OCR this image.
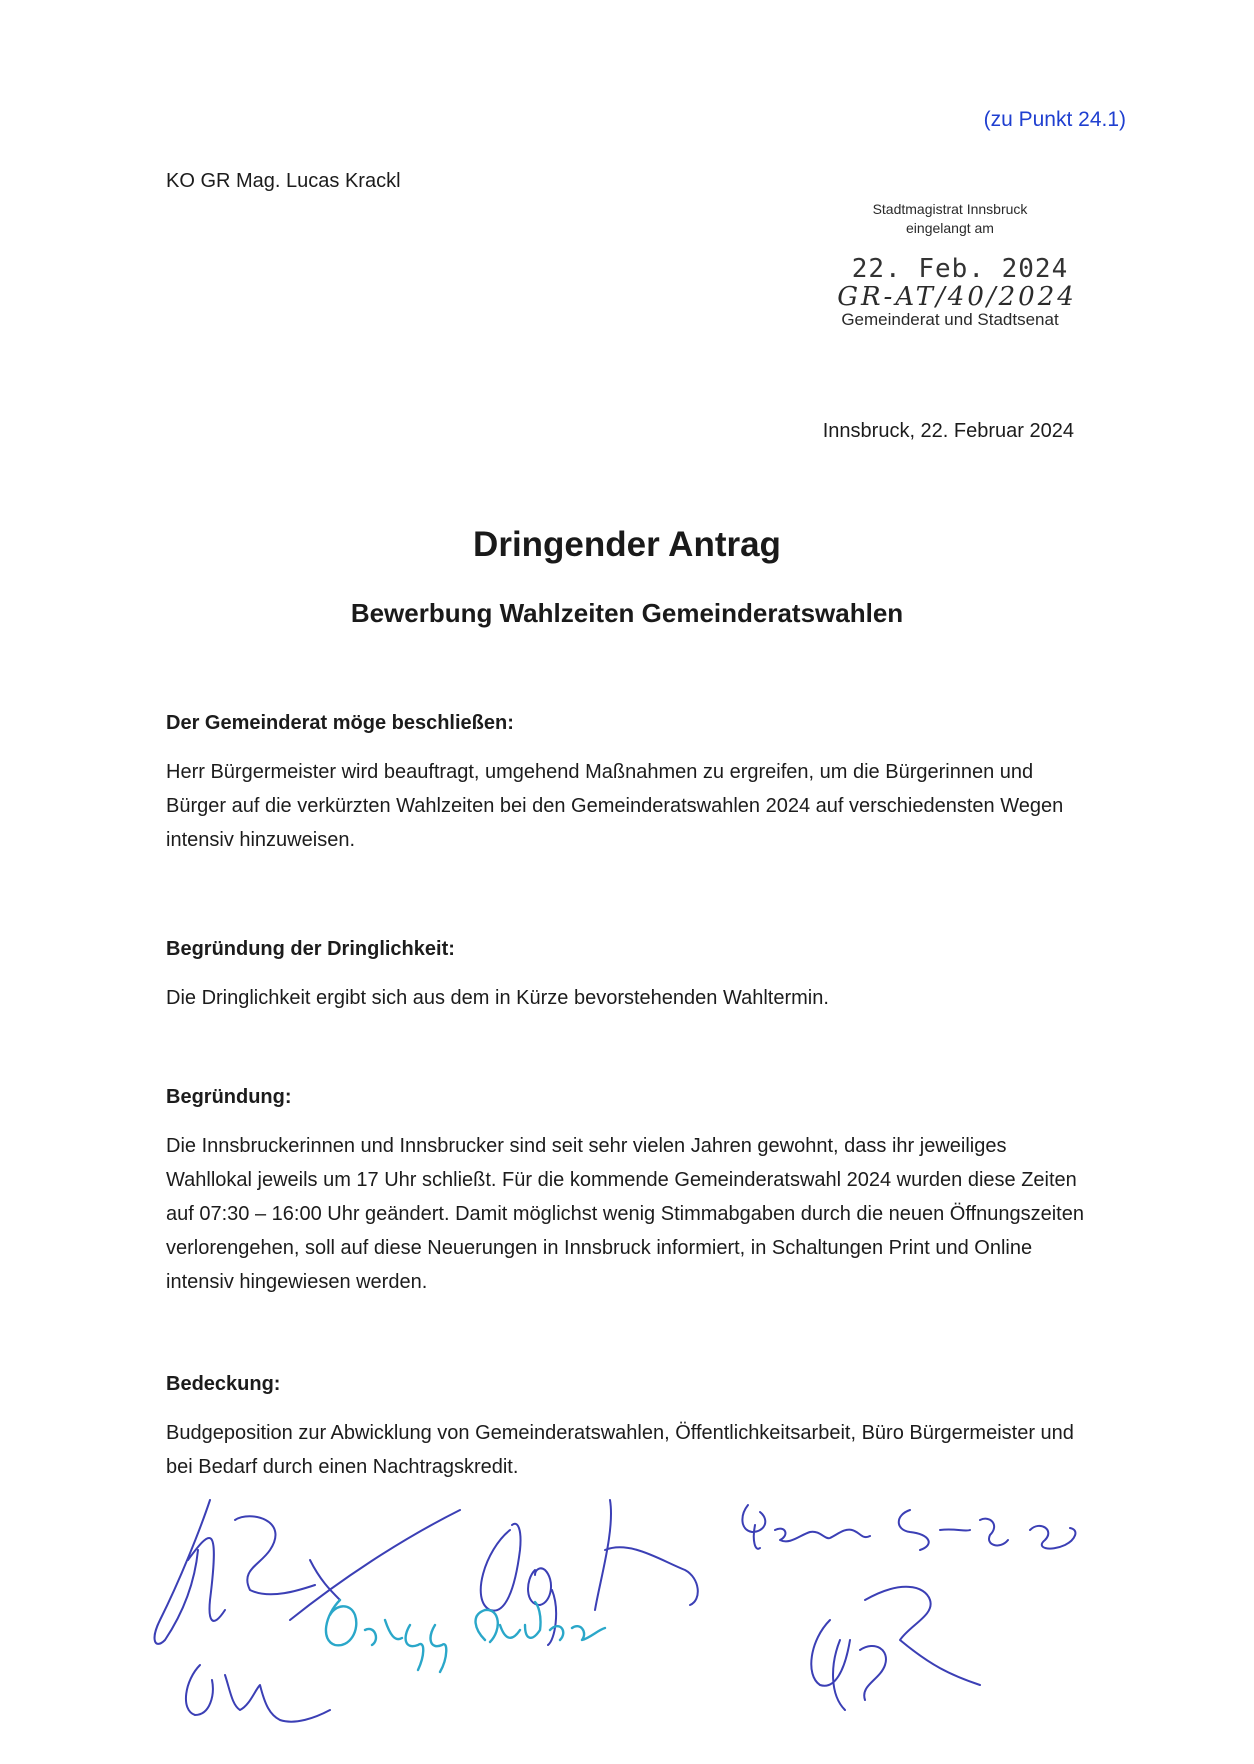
(zu Punkt 24.1)
KO GR Mag. Lucas Krackl
Stadtmagistrat Innsbruck
eingelangt am
22. Feb. 2024
GR-AT/40/2024
Gemeinderat und Stadtsenat
Innsbruck, 22. Februar 2024
Dringender Antrag
Bewerbung Wahlzeiten Gemeinderatswahlen

Der Gemeinderat möge beschließen:

Herr Bürgermeister wird beauftragt, umgehend Maßnahmen zu ergreifen, um die Bürgerinnen und Bürger auf die verkürzten Wahlzeiten bei den Gemeinderatswahlen 2024 auf verschiedensten Wegen intensiv hinzuweisen.

Begründung der Dringlichkeit:

Die Dringlichkeit ergibt sich aus dem in Kürze bevorstehenden Wahltermin.

Begründung:

Die Innsbruckerinnen und Innsbrucker sind seit sehr vielen Jahren gewohnt, dass ihr jeweiliges Wahllokal jeweils um 17 Uhr schließt. Für die kommende Gemeinderatswahl 2024 wurden diese Zeiten auf 07:30 – 16:00 Uhr geändert. Damit möglichst wenig Stimmabgaben durch die neuen Öffnungszeiten verlorengehen, soll auf diese Neuerungen in Innsbruck informiert, in Schaltungen Print und Online intensiv hingewiesen werden.

Bedeckung:

Budgeposition zur Abwicklung von Gemeinderatswahlen, Öffentlichkeitsarbeit, Büro Bürgermeister und bei Bedarf durch einen Nachtragskredit.
